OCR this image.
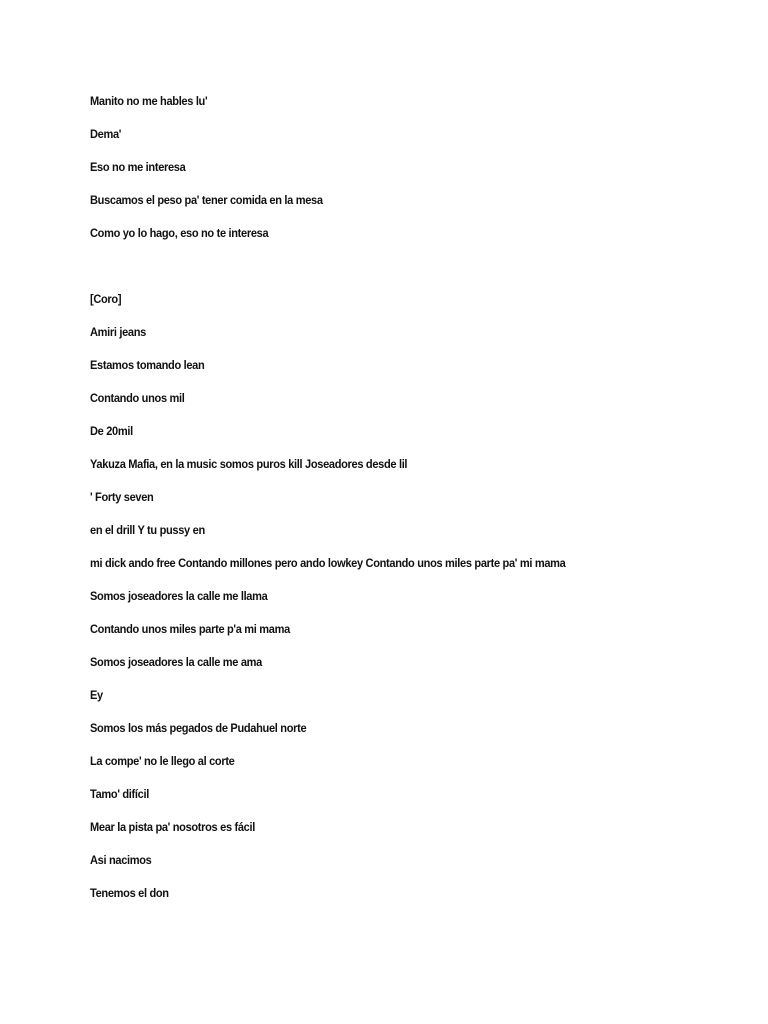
Manito no me hables lu'
Dema'
Eso no me interesa
Buscamos el peso pa' tener comida en la mesa
Como yo lo hago, eso no te interesa
[Coro]
Amiri jeans
Estamos tomando lean
Contando unos mil
De 20mil
Yakuza Mafia, en la music somos puros kill Joseadores desde lil
' Forty seven
en el drill Y tu pussy en
mi dick ando free Contando millones pero ando lowkey Contando unos miles parte pa' mi mama
Somos joseadores la calle me llama
Contando unos miles parte p'a mi mama
Somos joseadores la calle me ama
Ey
Somos los más pegados de Pudahuel norte
La compe' no le llego al corte
Tamo' difícil
Mear la pista pa' nosotros es fácil
Asi nacimos
Tenemos el don
